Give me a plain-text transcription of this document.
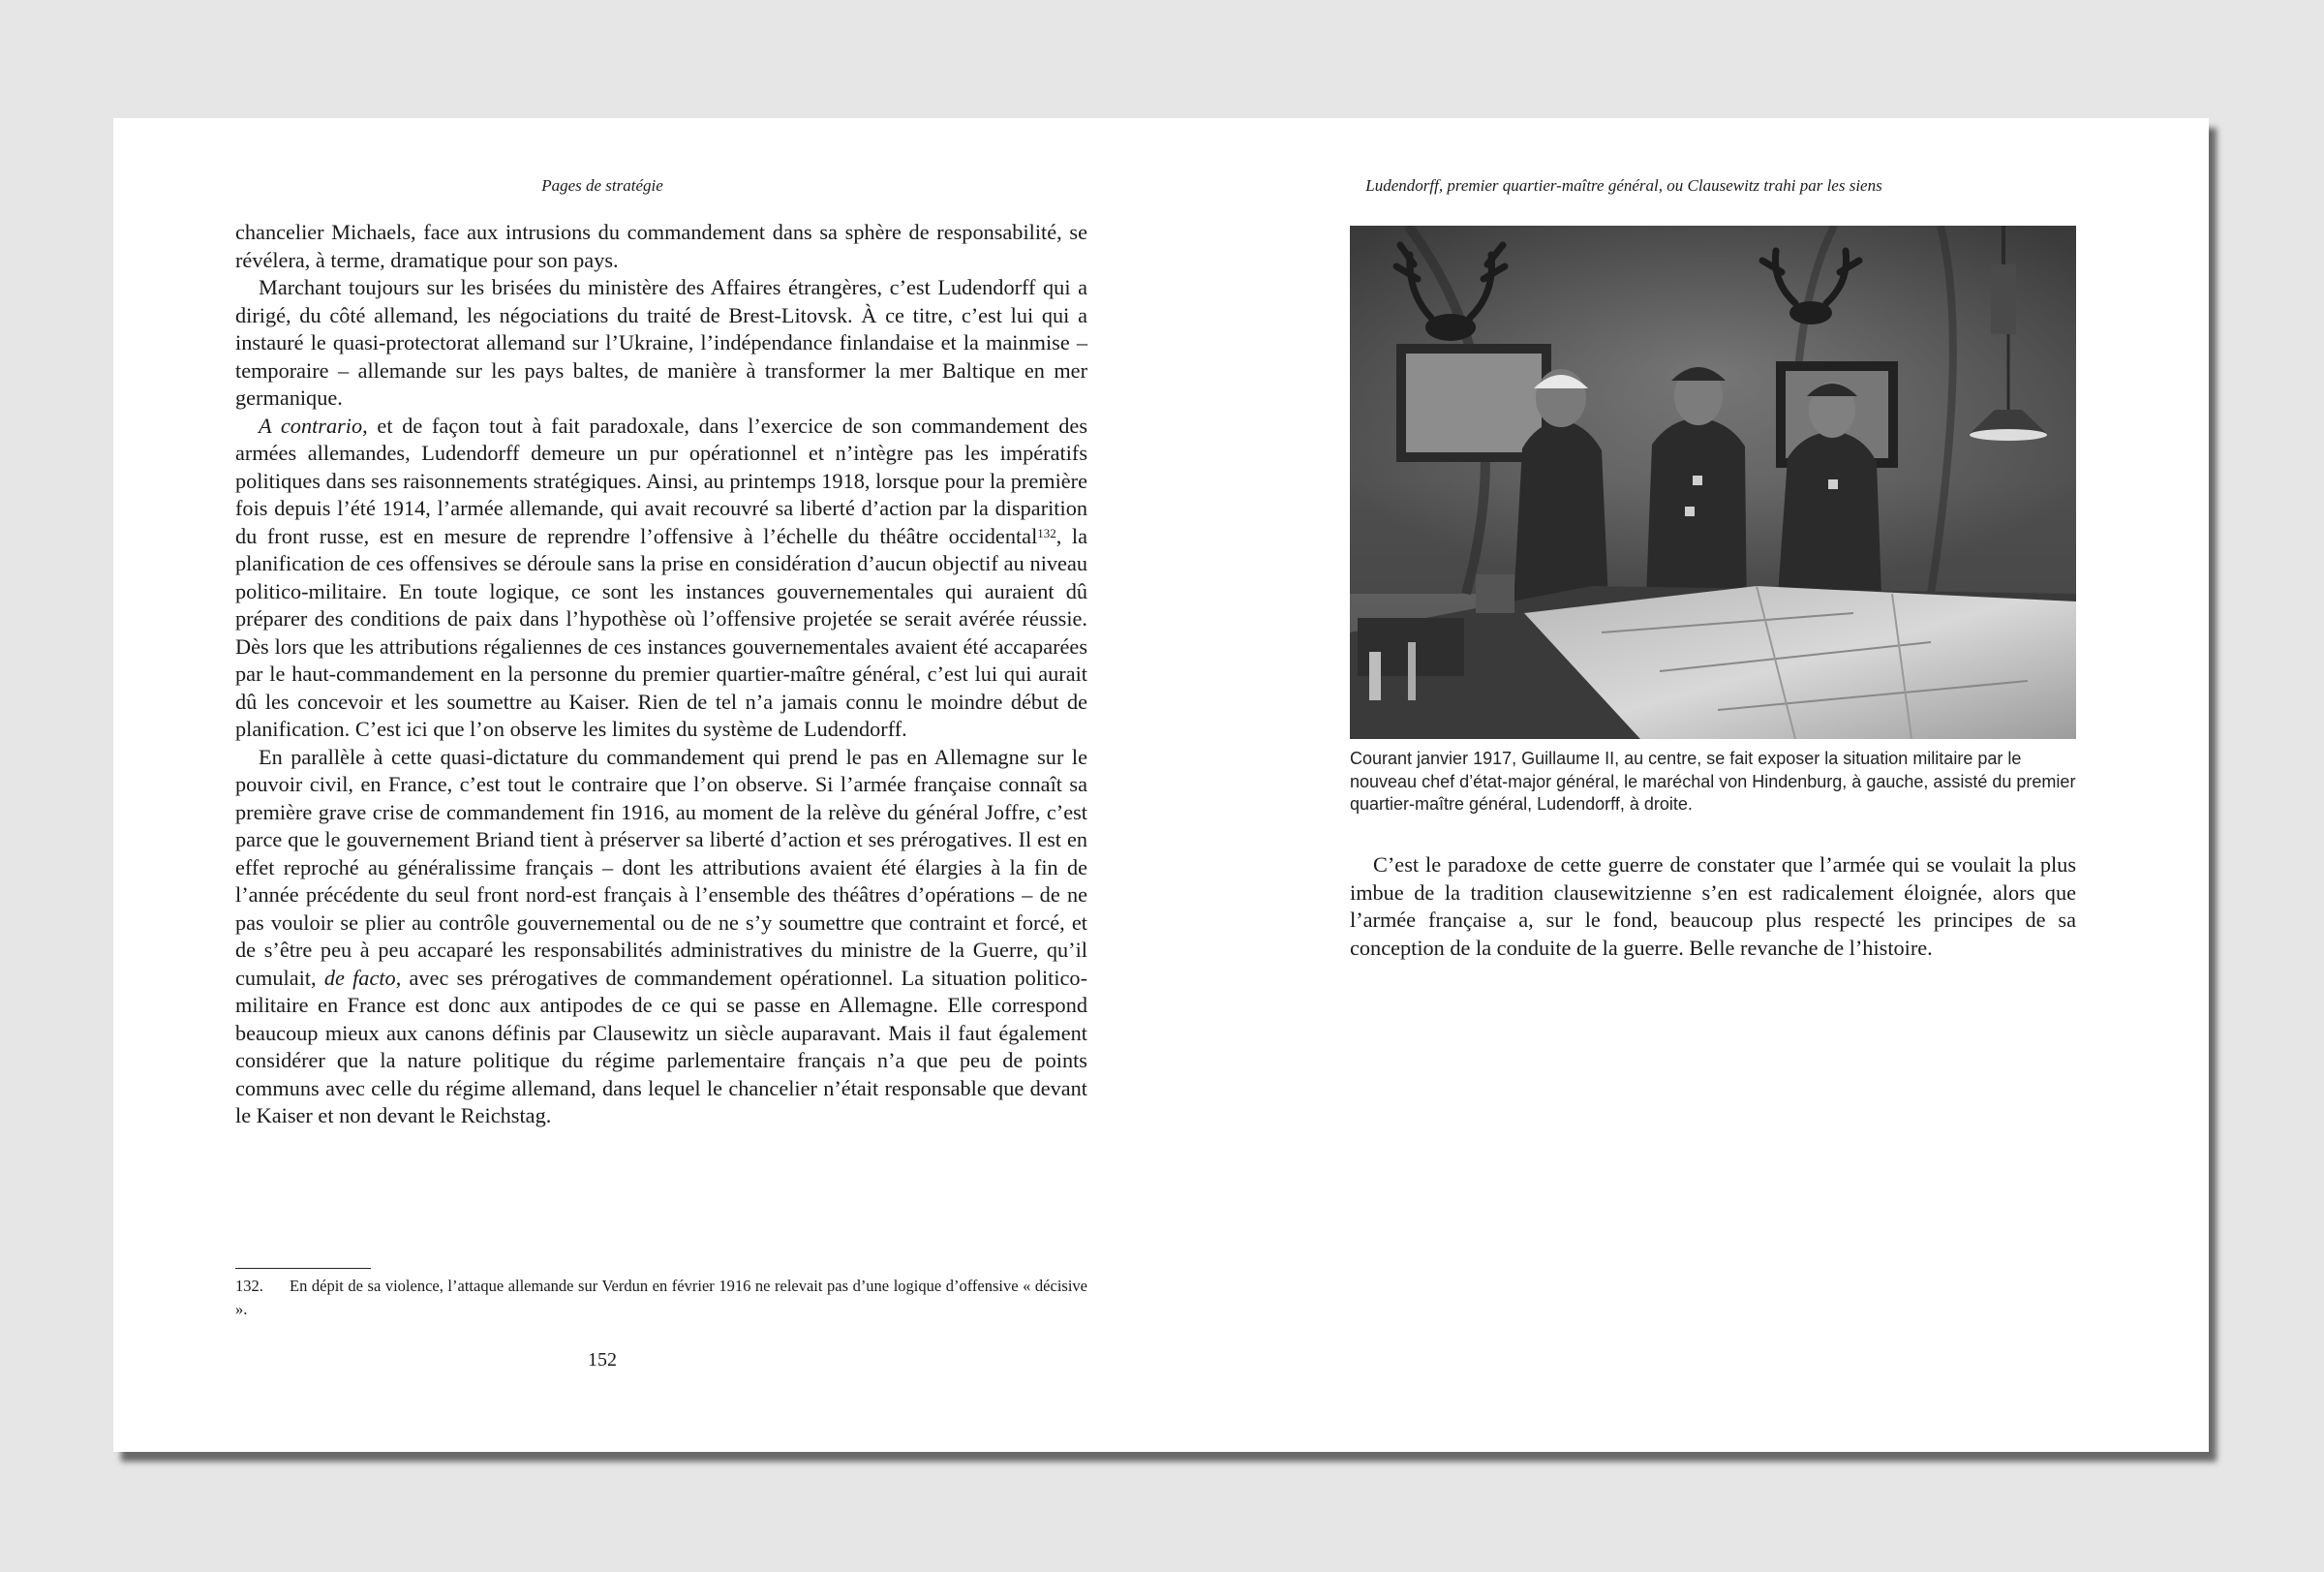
Pages de stratégie

chancelier Michaels, face aux intrusions du commandement dans sa sphère de responsabilité, se révélera, à terme, dramatique pour son pays.

Marchant toujours sur les brisées du ministère des Affaires étrangères, c’est Ludendorff qui a dirigé, du côté allemand, les négociations du traité de Brest-Litovsk. À ce titre, c’est lui qui a instauré le quasi-protectorat allemand sur l’Ukraine, l’indépendance finlandaise et la mainmise – temporaire – allemande sur les pays baltes, de manière à transformer la mer Baltique en mer germanique.

A contrario, et de façon tout à fait paradoxale, dans l’exercice de son commandement des armées allemandes, Ludendorff demeure un pur opérationnel et n’intègre pas les impératifs politiques dans ses raisonnements stratégiques. Ainsi, au printemps 1918, lorsque pour la première fois depuis l’été 1914, l’armée allemande, qui avait recouvré sa liberté d’action par la disparition du front russe, est en mesure de reprendre l’offensive à l’échelle du théâtre occidental$^{132}$, la planification de ces offensives se déroule sans la prise en considération d’aucun objectif au niveau politico-militaire. En toute logique, ce sont les instances gouvernementales qui auraient dû préparer des conditions de paix dans l’hypothèse où l’offensive projetée se serait avérée réussie. Dès lors que les attributions régaliennes de ces instances gouvernementales avaient été accaparées par le haut-commandement en la personne du premier quartier-maître général, c’est lui qui aurait dû les concevoir et les soumettre au Kaiser. Rien de tel n’a jamais connu le moindre début de planification. C’est ici que l’on observe les limites du système de Ludendorff.

En parallèle à cette quasi-dictature du commandement qui prend le pas en Allemagne sur le pouvoir civil, en France, c’est tout le contraire que l’on observe. Si l’armée française connaît sa première grave crise de commandement fin 1916, au moment de la relève du général Joffre, c’est parce que le gouvernement Briand tient à préserver sa liberté d’action et ses prérogatives. Il est en effet reproché au généralissime français – dont les attributions avaient été élargies à la fin de l’année précédente du seul front nord-est français à l’ensemble des théâtres d’opérations – de ne pas vouloir se plier au contrôle gouvernemental ou de ne s’y soumettre que contraint et forcé, et de s’être peu à peu accaparé les responsabilités administratives du ministre de la Guerre, qu’il cumulait, de facto, avec ses prérogatives de commandement opérationnel. La situation politico-militaire en France est donc aux antipodes de ce qui se passe en Allemagne. Elle correspond beaucoup mieux aux canons définis par Clausewitz un siècle auparavant. Mais il faut également considérer que la nature politique du régime parlementaire français n’a que peu de points communs avec celle du régime allemand, dans lequel le chancelier n’était responsable que devant le Kaiser et non devant le Reichstag.

132. En dépit de sa violence, l’attaque allemande sur Verdun en février 1916 ne relevait pas d’une logique d’offensive « décisive ».
152
Ludendorff, premier quartier-maître général, ou Clausewitz trahi par les siens
Courant janvier 1917, Guillaume II, au centre, se fait exposer la situation militaire par le nouveau chef d’état-major général, le maréchal von Hindenburg, à gauche, assisté du premier quartier-maître général, Ludendorff, à droite.

C’est le paradoxe de cette guerre de constater que l’armée qui se voulait la plus imbue de la tradition clausewitzienne s’en est radicalement éloignée, alors que l’armée française a, sur le fond, beaucoup plus respecté les principes de sa conception de la conduite de la guerre. Belle revanche de l’histoire.
